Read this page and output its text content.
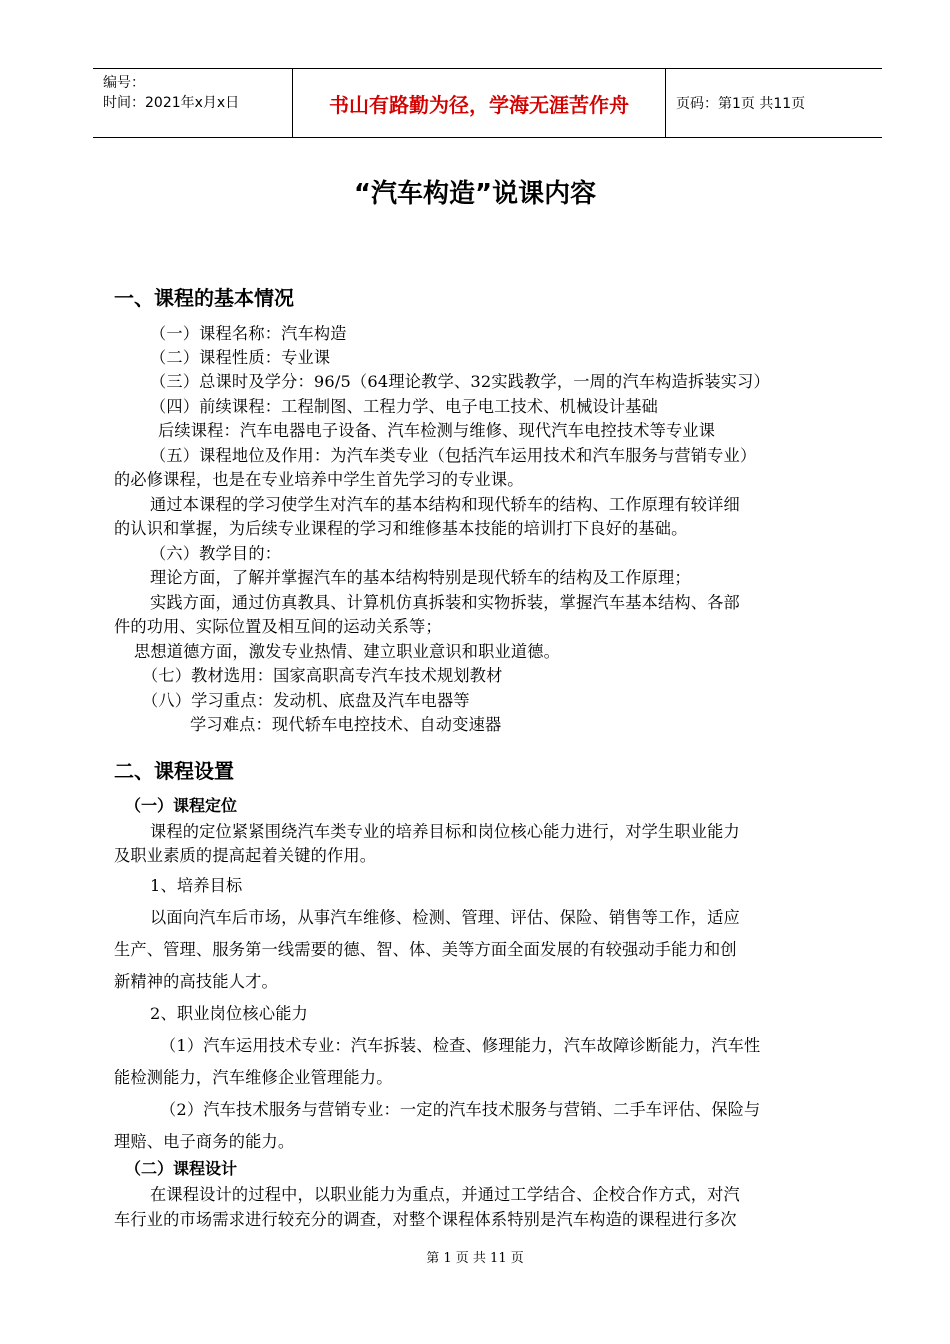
编号：
时间：2021年x月x日	书山有路勤为径，学海无涯苦作舟	页码：第1页 共11页
“汽车构造”说课内容
一、课程的基本情况
（一）课程名称：汽车构造
（二）课程性质：专业课
（三）总课时及学分：96/5（64理论教学、32实践教学，一周的汽车构造拆装实习）
（四）前续课程：工程制图、工程力学、电子电工技术、机械设计基础
后续课程：汽车电器电子设备、汽车检测与维修、现代汽车电控技术等专业课
（五）课程地位及作用：为汽车类专业（包括汽车运用技术和汽车服务与营销专业）
的必修课程，也是在专业培养中学生首先学习的专业课。
通过本课程的学习使学生对汽车的基本结构和现代轿车的结构、工作原理有较详细
的认识和掌握，为后续专业课程的学习和维修基本技能的培训打下良好的基础。
（六）教学目的：
理论方面，了解并掌握汽车的基本结构特别是现代轿车的结构及工作原理；
实践方面，通过仿真教具、计算机仿真拆装和实物拆装，掌握汽车基本结构、各部
件的功用、实际位置及相互间的运动关系等；
思想道德方面，激发专业热情、建立职业意识和职业道德。
（七）教材选用：国家高职高专汽车技术规划教材
（八）学习重点：发动机、底盘及汽车电器等
学习难点：现代轿车电控技术、自动变速器
二、课程设置
（一）课程定位
课程的定位紧紧围绕汽车类专业的培养目标和岗位核心能力进行，对学生职业能力
及职业素质的提高起着关键的作用。
1、培养目标
以面向汽车后市场，从事汽车维修、检测、管理、评估、保险、销售等工作，适应
生产、管理、服务第一线需要的德、智、体、美等方面全面发展的有较强动手能力和创
新精神的高技能人才。
2、职业岗位核心能力
（1）汽车运用技术专业：汽车拆装、检查、修理能力，汽车故障诊断能力，汽车性
能检测能力，汽车维修企业管理能力。
（2）汽车技术服务与营销专业：一定的汽车技术服务与营销、二手车评估、保险与
理赔、电子商务的能力。
（二）课程设计
在课程设计的过程中，以职业能力为重点，并通过工学结合、企校合作方式，对汽
车行业的市场需求进行较充分的调查，对整个课程体系特别是汽车构造的课程进行多次
第 1 页 共 11 页
